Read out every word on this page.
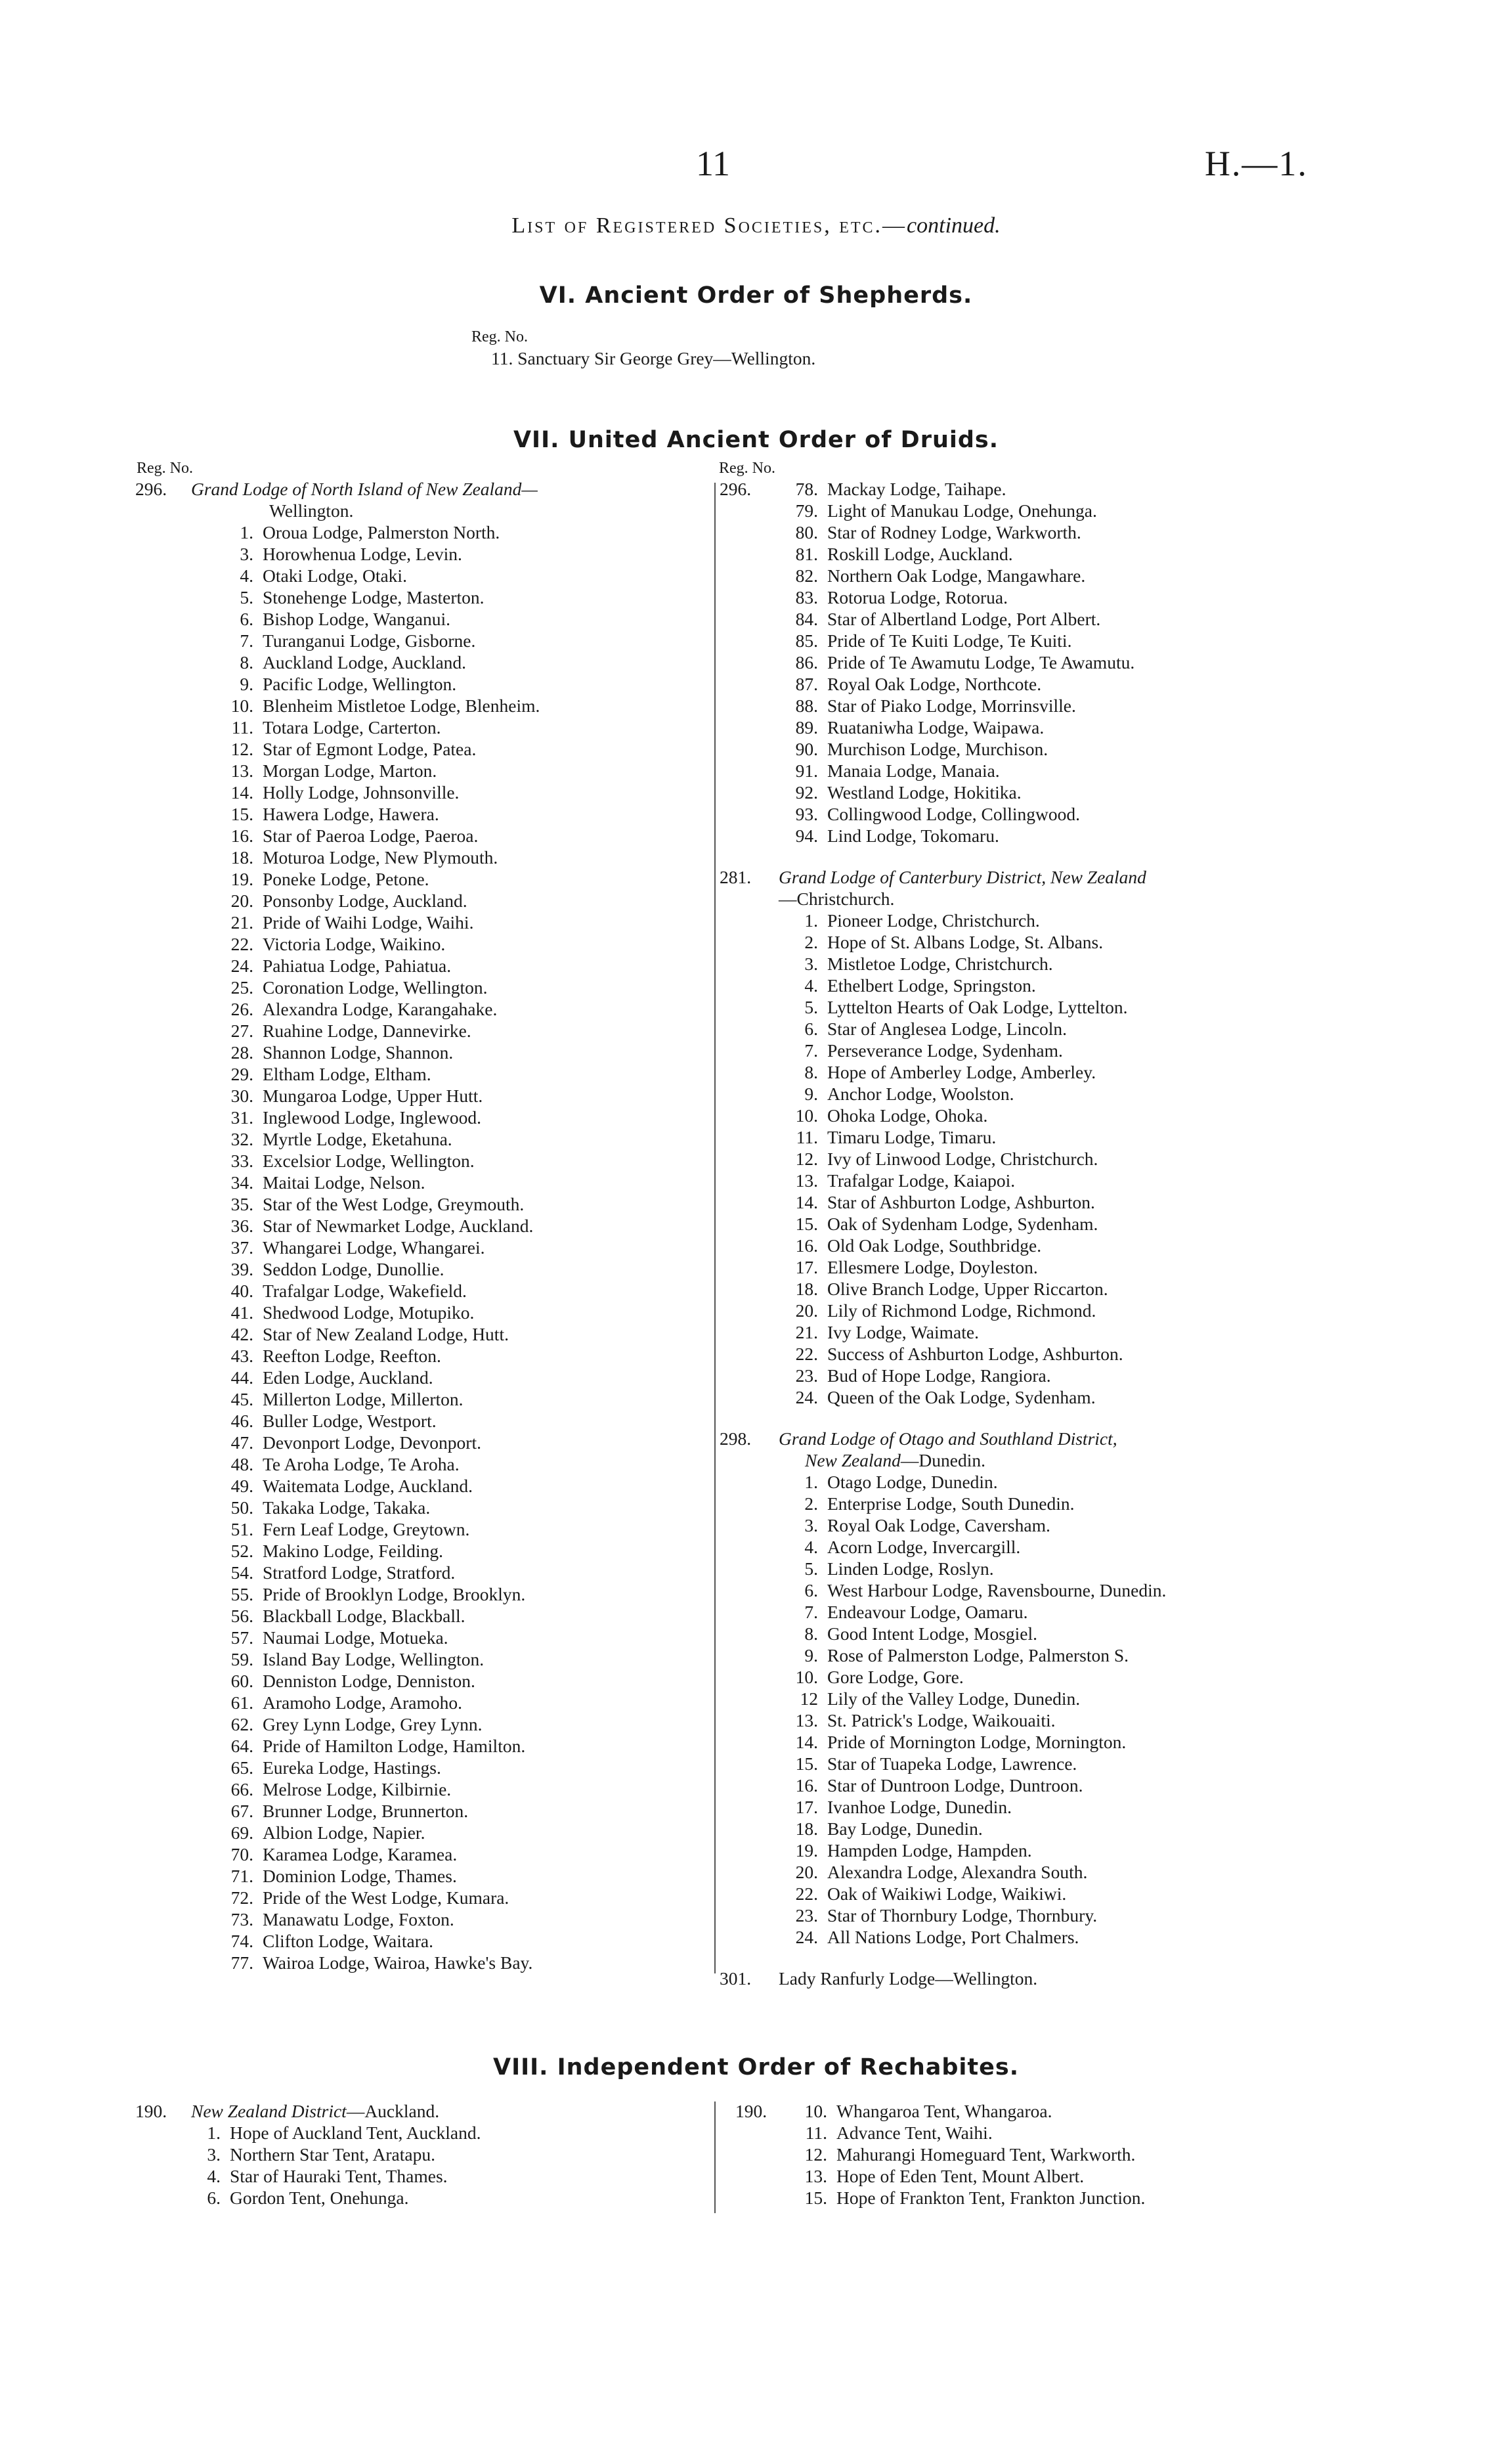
11	H.—1.
List of Registered Societies, etc.—continued.
VI. Ancient Order of Shepherds.
Reg. No.
11. Sanctuary Sir George Grey—Wellington.
VII. United Ancient Order of Druids.
Reg. No.	Reg. No.
296.	Grand Lodge of North Island of New Zealand—
Wellington.
1. Oroua Lodge, Palmerston North.
3. Horowhenua Lodge, Levin.
4. Otaki Lodge, Otaki.
5. Stonehenge Lodge, Masterton.
6. Bishop Lodge, Wanganui.
7. Turanganui Lodge, Gisborne.
8. Auckland Lodge, Auckland.
9. Pacific Lodge, Wellington.
10. Blenheim Mistletoe Lodge, Blenheim.
11. Totara Lodge, Carterton.
12. Star of Egmont Lodge, Patea.
13. Morgan Lodge, Marton.
14. Holly Lodge, Johnsonville.
15. Hawera Lodge, Hawera.
16. Star of Paeroa Lodge, Paeroa.
18. Moturoa Lodge, New Plymouth.
19. Poneke Lodge, Petone.
20. Ponsonby Lodge, Auckland.
21. Pride of Waihi Lodge, Waihi.
22. Victoria Lodge, Waikino.
24. Pahiatua Lodge, Pahiatua.
25. Coronation Lodge, Wellington.
26. Alexandra Lodge, Karangahake.
27. Ruahine Lodge, Dannevirke.
28. Shannon Lodge, Shannon.
29. Eltham Lodge, Eltham.
30. Mungaroa Lodge, Upper Hutt.
31. Inglewood Lodge, Inglewood.
32. Myrtle Lodge, Eketahuna.
33. Excelsior Lodge, Wellington.
34. Maitai Lodge, Nelson.
35. Star of the West Lodge, Greymouth.
36. Star of Newmarket Lodge, Auckland.
37. Whangarei Lodge, Whangarei.
39. Seddon Lodge, Dunollie.
40. Trafalgar Lodge, Wakefield.
41. Shedwood Lodge, Motupiko.
42. Star of New Zealand Lodge, Hutt.
43. Reefton Lodge, Reefton.
44. Eden Lodge, Auckland.
45. Millerton Lodge, Millerton.
46. Buller Lodge, Westport.
47. Devonport Lodge, Devonport.
48. Te Aroha Lodge, Te Aroha.
49. Waitemata Lodge, Auckland.
50. Takaka Lodge, Takaka.
51. Fern Leaf Lodge, Greytown.
52. Makino Lodge, Feilding.
54. Stratford Lodge, Stratford.
55. Pride of Brooklyn Lodge, Brooklyn.
56. Blackball Lodge, Blackball.
57. Naumai Lodge, Motueka.
59. Island Bay Lodge, Wellington.
60. Denniston Lodge, Denniston.
61. Aramoho Lodge, Aramoho.
62. Grey Lynn Lodge, Grey Lynn.
64. Pride of Hamilton Lodge, Hamilton.
65. Eureka Lodge, Hastings.
66. Melrose Lodge, Kilbirnie.
67. Brunner Lodge, Brunnerton.
69. Albion Lodge, Napier.
70. Karamea Lodge, Karamea.
71. Dominion Lodge, Thames.
72. Pride of the West Lodge, Kumara.
73. Manawatu Lodge, Foxton.
74. Clifton Lodge, Waitara.
77. Wairoa Lodge, Wairoa, Hawke's Bay.
296.	78. Mackay Lodge, Taihape.
79. Light of Manukau Lodge, Onehunga.
80. Star of Rodney Lodge, Warkworth.
81. Roskill Lodge, Auckland.
82. Northern Oak Lodge, Mangawhare.
83. Rotorua Lodge, Rotorua.
84. Star of Albertland Lodge, Port Albert.
85. Pride of Te Kuiti Lodge, Te Kuiti.
86. Pride of Te Awamutu Lodge, Te Awamutu.
87. Royal Oak Lodge, Northcote.
88. Star of Piako Lodge, Morrinsville.
89. Ruataniwha Lodge, Waipawa.
90. Murchison Lodge, Murchison.
91. Manaia Lodge, Manaia.
92. Westland Lodge, Hokitika.
93. Collingwood Lodge, Collingwood.
94. Lind Lodge, Tokomaru.
281.	Grand Lodge of Canterbury District, New Zealand
—Christchurch.
1. Pioneer Lodge, Christchurch.
2. Hope of St. Albans Lodge, St. Albans.
3. Mistletoe Lodge, Christchurch.
4. Ethelbert Lodge, Springston.
5. Lyttelton Hearts of Oak Lodge, Lyttelton.
6. Star of Anglesea Lodge, Lincoln.
7. Perseverance Lodge, Sydenham.
8. Hope of Amberley Lodge, Amberley.
9. Anchor Lodge, Woolston.
10. Ohoka Lodge, Ohoka.
11. Timaru Lodge, Timaru.
12. Ivy of Linwood Lodge, Christchurch.
13. Trafalgar Lodge, Kaiapoi.
14. Star of Ashburton Lodge, Ashburton.
15. Oak of Sydenham Lodge, Sydenham.
16. Old Oak Lodge, Southbridge.
17. Ellesmere Lodge, Doyleston.
18. Olive Branch Lodge, Upper Riccarton.
20. Lily of Richmond Lodge, Richmond.
21. Ivy Lodge, Waimate.
22. Success of Ashburton Lodge, Ashburton.
23. Bud of Hope Lodge, Rangiora.
24. Queen of the Oak Lodge, Sydenham.
298.	Grand Lodge of Otago and Southland District,
New Zealand—Dunedin.
1. Otago Lodge, Dunedin.
2. Enterprise Lodge, South Dunedin.
3. Royal Oak Lodge, Caversham.
4. Acorn Lodge, Invercargill.
5. Linden Lodge, Roslyn.
6. West Harbour Lodge, Ravensbourne, Dunedin.
7. Endeavour Lodge, Oamaru.
8. Good Intent Lodge, Mosgiel.
9. Rose of Palmerston Lodge, Palmerston S.
10. Gore Lodge, Gore.
12 Lily of the Valley Lodge, Dunedin.
13. St. Patrick's Lodge, Waikouaiti.
14. Pride of Mornington Lodge, Mornington.
15. Star of Tuapeka Lodge, Lawrence.
16. Star of Duntroon Lodge, Duntroon.
17. Ivanhoe Lodge, Dunedin.
18. Bay Lodge, Dunedin.
19. Hampden Lodge, Hampden.
20. Alexandra Lodge, Alexandra South.
22. Oak of Waikiwi Lodge, Waikiwi.
23. Star of Thornbury Lodge, Thornbury.
24. All Nations Lodge, Port Chalmers.
301.	Lady Ranfurly Lodge—Wellington.
VIII. Independent Order of Rechabites.
190.	New Zealand District—Auckland.
1. Hope of Auckland Tent, Auckland.
3. Northern Star Tent, Aratapu.
4. Star of Hauraki Tent, Thames.
6. Gordon Tent, Onehunga.
190.	10. Whangaroa Tent, Whangaroa.
11. Advance Tent, Waihi.
12. Mahurangi Homeguard Tent, Warkworth.
13. Hope of Eden Tent, Mount Albert.
15. Hope of Frankton Tent, Frankton Junction.
